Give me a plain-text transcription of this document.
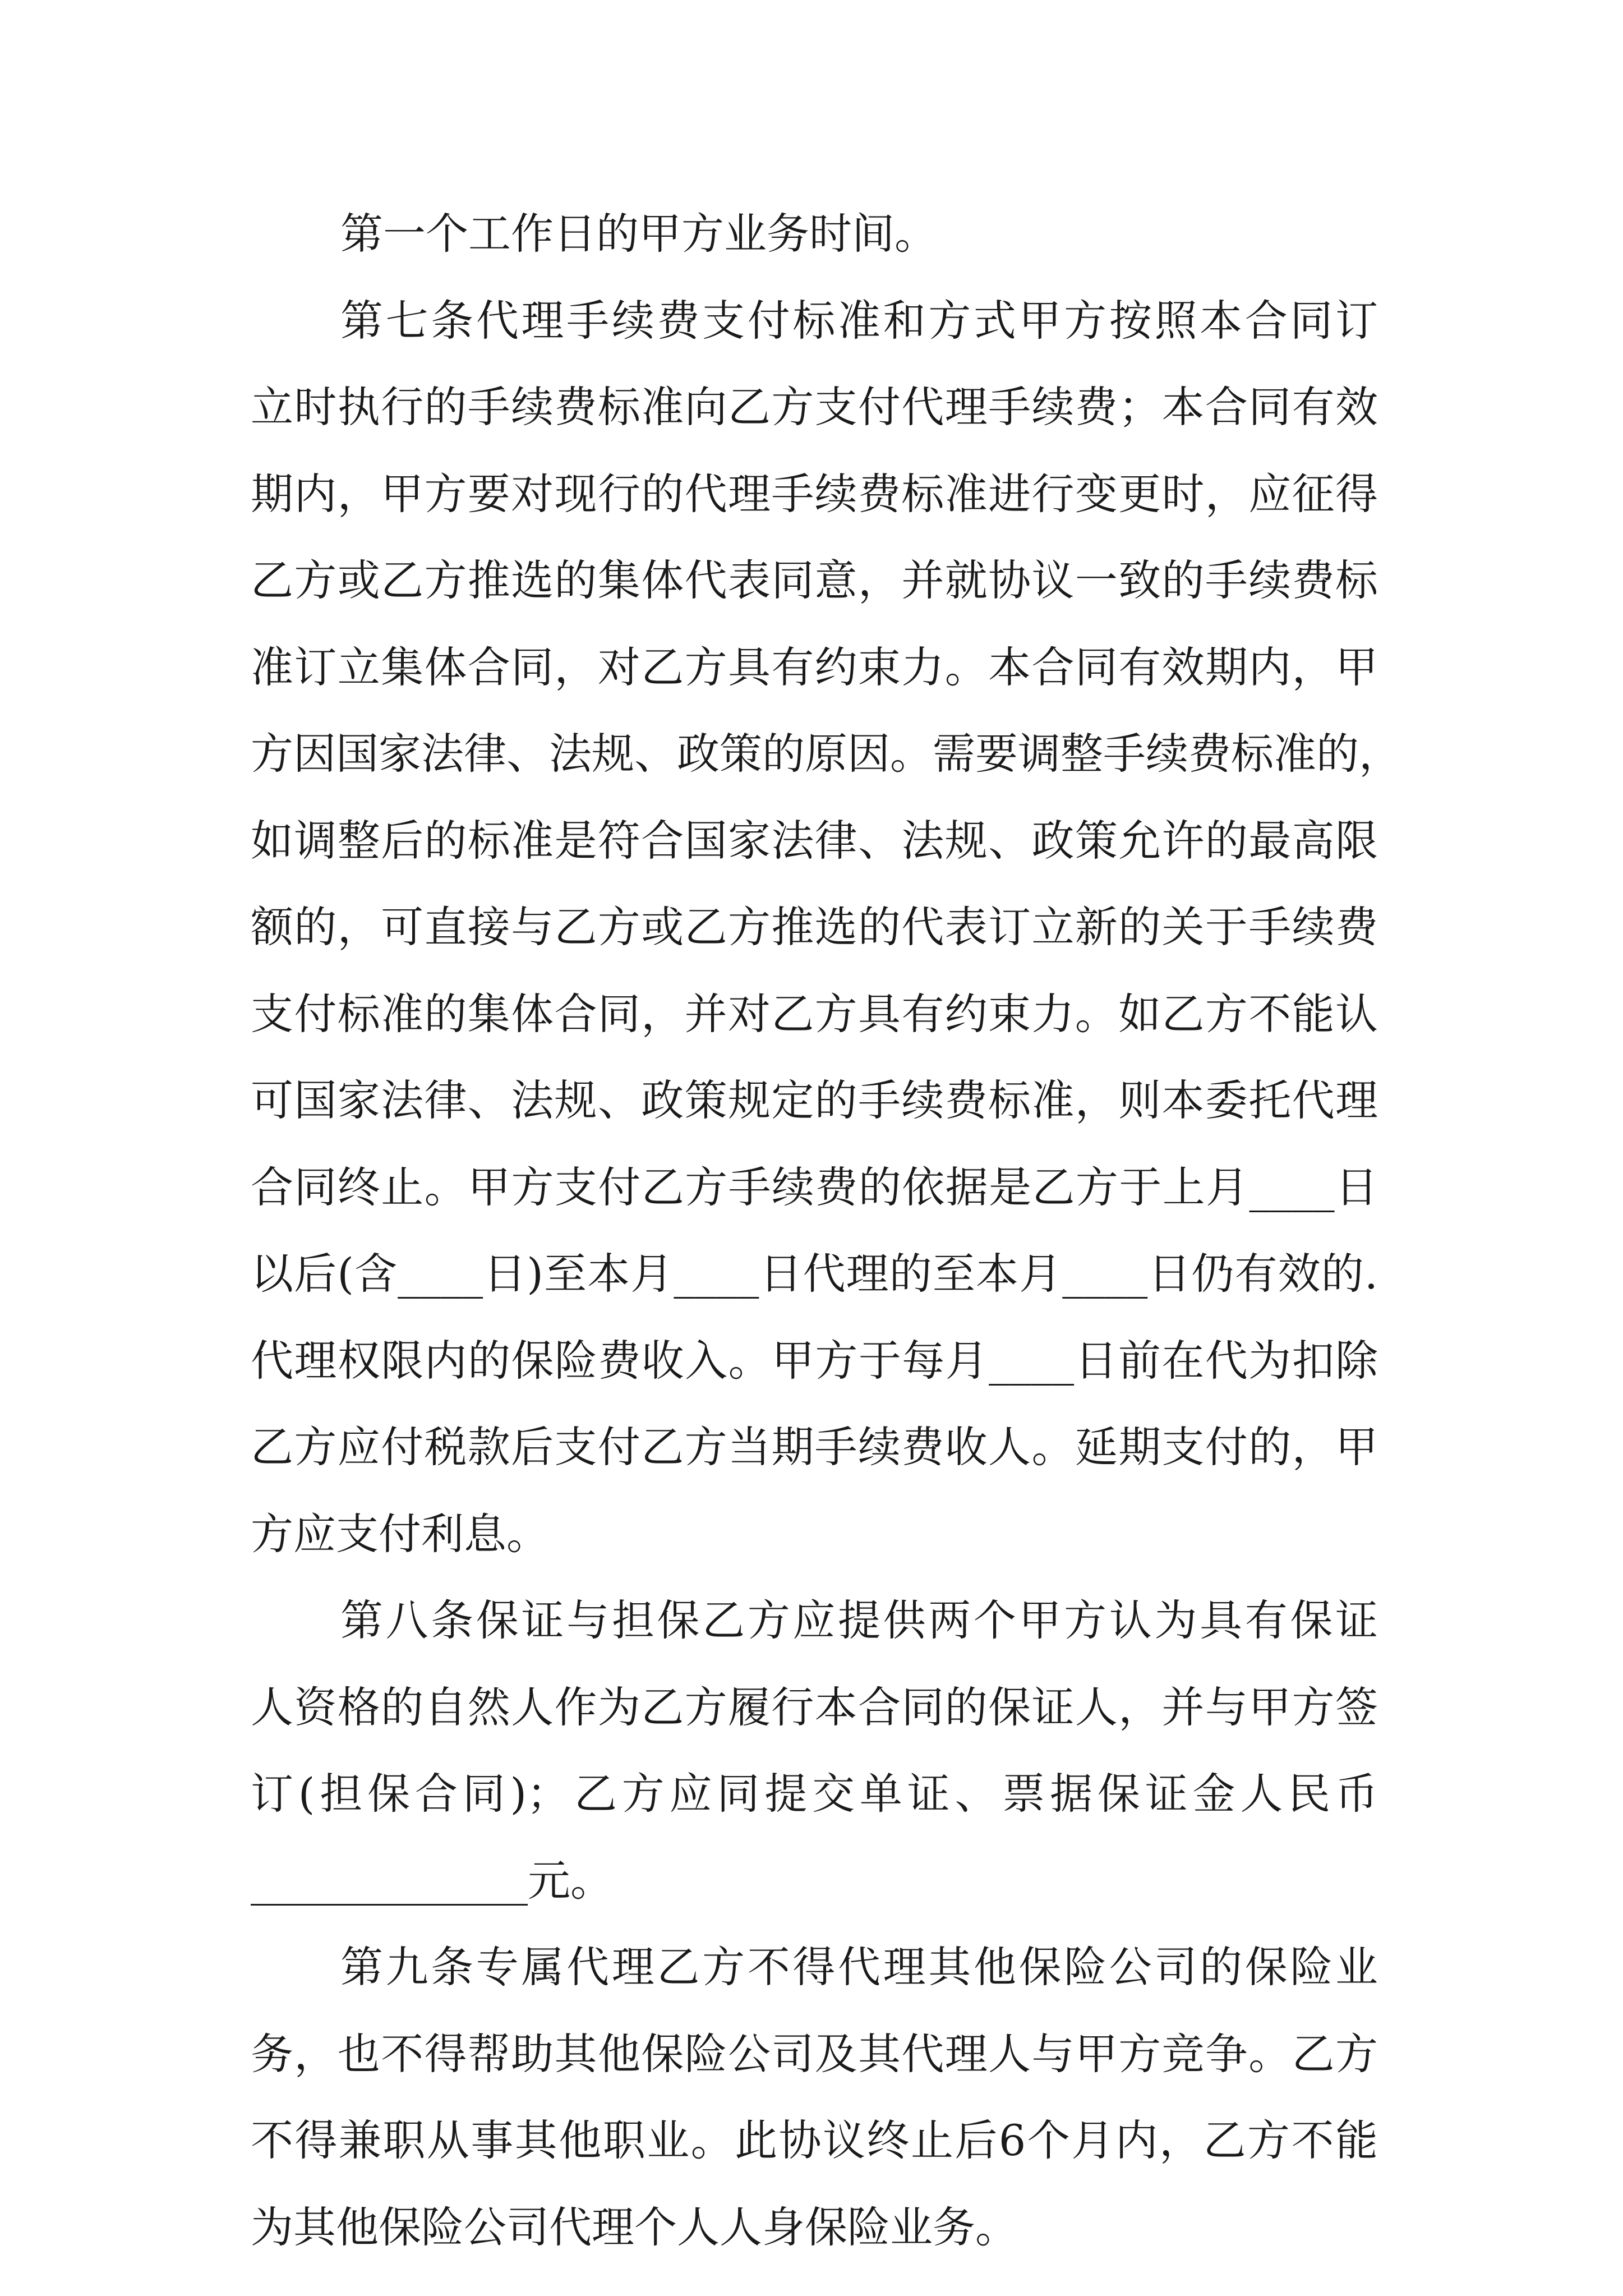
第一个工作日的甲方业务时间。
第七条代理手续费支付标准和方式甲方按照本合同订
立时执行的手续费标准向乙方支付代理手续费；本合同有效
期内，甲方要对现行的代理手续费标准进行变更时，应征得
乙方或乙方推选的集体代表同意，并就协议一致的手续费标
准订立集体合同，对乙方具有约束力。本合同有效期内，甲
方因国家法律、法规、政策的原因。需要调整手续费标准的，
如调整后的标准是符合国家法律、法规、政策允许的最高限
额的，可直接与乙方或乙方推选的代表订立新的关于手续费
支付标准的集体合同，并对乙方具有约束力。如乙方不能认
可国家法律、法规、政策规定的手续费标准，则本委托代理
合同终止。甲方支付乙方手续费的依据是乙方于上月____日
以后(含____日)至本月____日代理的至本月____日仍有效的.
代理权限内的保险费收入。甲方于每月____日前在代为扣除
乙方应付税款后支付乙方当期手续费收人。延期支付的，甲
方应支付利息。
第八条保证与担保乙方应提供两个甲方认为具有保证
人资格的自然人作为乙方履行本合同的保证人，并与甲方签
订(担保合同)；乙方应同提交单证、票据保证金人民币
_____________元。
第九条专属代理乙方不得代理其他保险公司的保险业
务，也不得帮助其他保险公司及其代理人与甲方竞争。乙方
不得兼职从事其他职业。此协议终止后6个月内，乙方不能
为其他保险公司代理个人人身保险业务。
